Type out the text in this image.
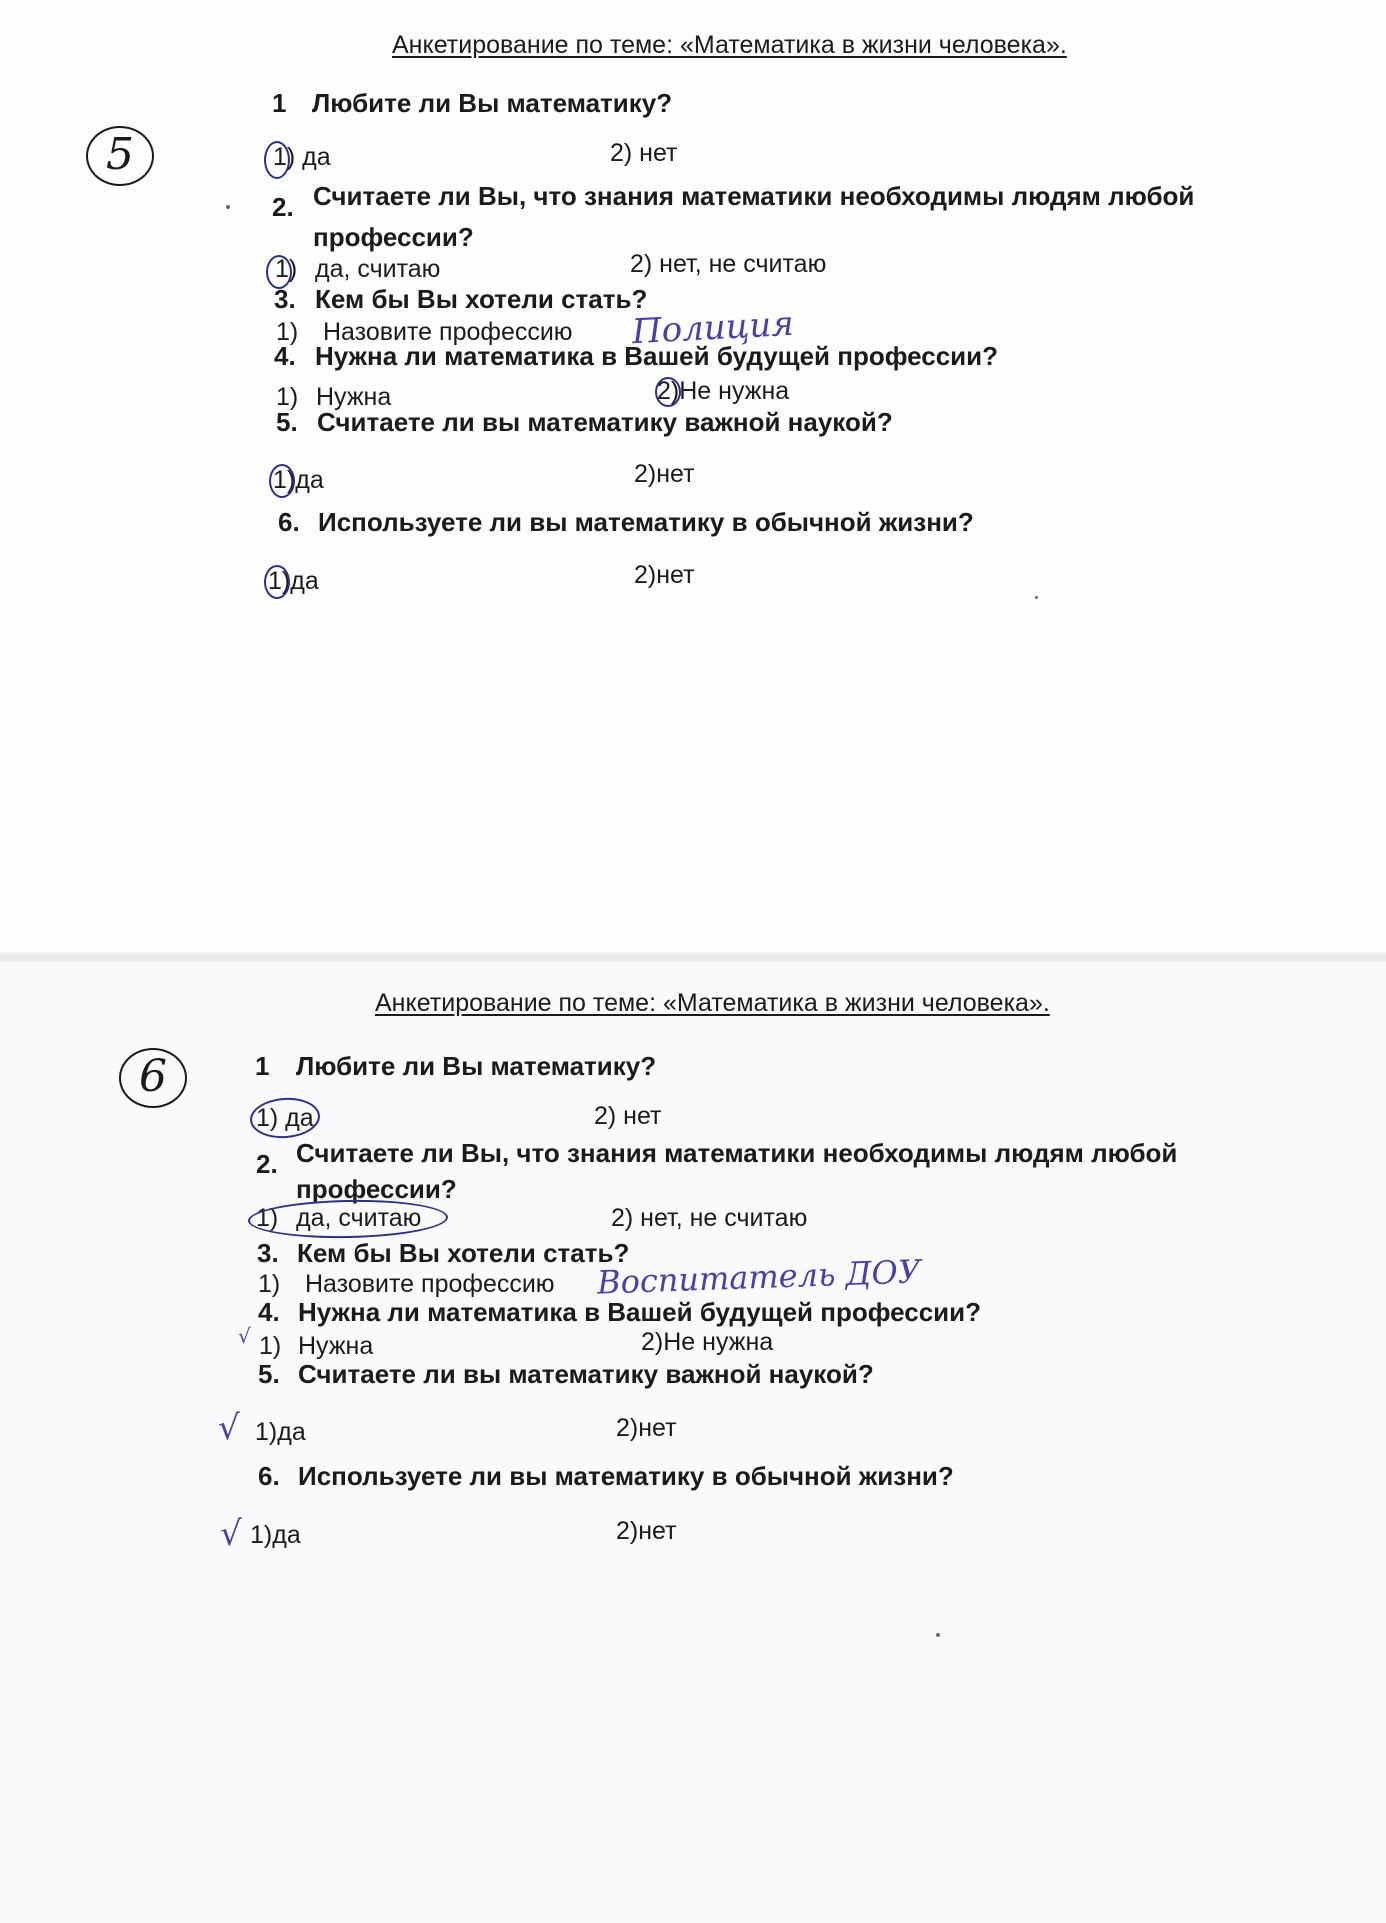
Анкетирование по теме: «Математика в жизни человека».
5
1 Любите ли Вы математику?
1) да	2) нет
2. Считаете ли Вы, что знания математики необходимы людям любой
профессии?
1) да, считаю	2) нет, не считаю
3. Кем бы Вы хотели стать?
1) Назовите профессию Полиция
4. Нужна ли математика в Вашей будущей профессии?
1) Нужна	2)Не нужна
5. Считаете ли вы математику важной наукой?
1)да	2)нет
6. Используете ли вы математику в обычной жизни?
1)да	2)нет
Анкетирование по теме: «Математика в жизни человека».
6	1 Любите ли Вы математику?
1) да	2) нет
2. Считаете ли Вы, что знания математики необходимы людям любой
профессии?
1) да, считаю	2) нет, не считаю
3. Кем бы Вы хотели стать?
1) Назовите профессию Воспитатель ДОУ
4. Нужна ли математика в Вашей будущей профессии?
√ 1) Нужна	2)Не нужна
5. Считаете ли вы математику важной наукой?
√ 1)да	2)нет
6. Используете ли вы математику в обычной жизни?
√ 1)да	2)нет
